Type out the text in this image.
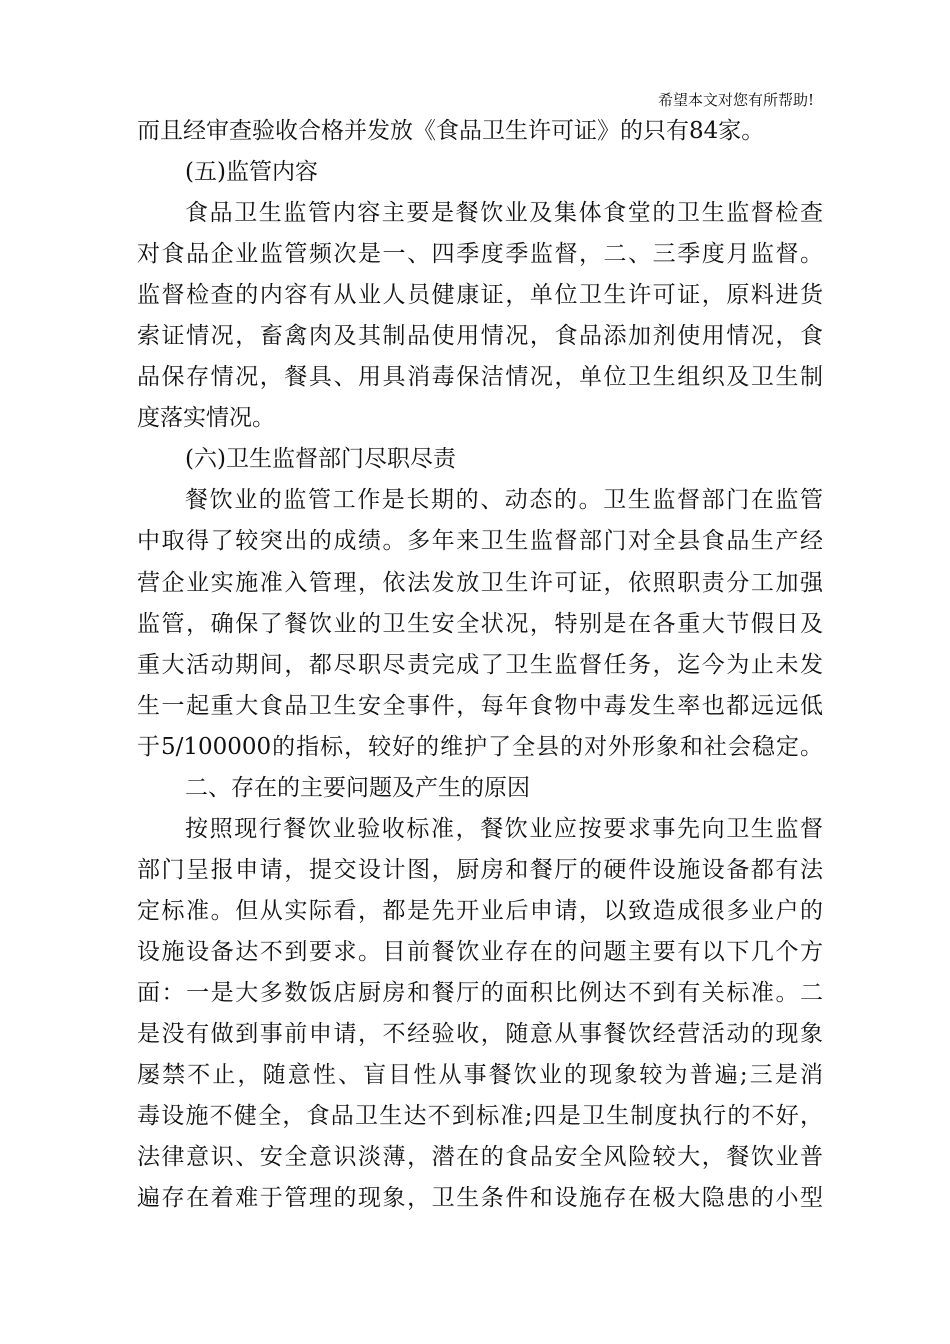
希望本文对您有所帮助!
而且经审查验收合格并发放《食品卫生许可证》的只有84家。
(五)监管内容
食品卫生监管内容主要是餐饮业及集体食堂的卫生监督检查
对食品企业监管频次是一、四季度季监督，二、三季度月监督。
监督检查的内容有从业人员健康证，单位卫生许可证，原料进货
索证情况，畜禽肉及其制品使用情况，食品添加剂使用情况，食
品保存情况，餐具、用具消毒保洁情况，单位卫生组织及卫生制
度落实情况。
(六)卫生监督部门尽职尽责
餐饮业的监管工作是长期的、动态的。卫生监督部门在监管
中取得了较突出的成绩。多年来卫生监督部门对全县食品生产经
营企业实施准入管理，依法发放卫生许可证，依照职责分工加强
监管，确保了餐饮业的卫生安全状况，特别是在各重大节假日及
重大活动期间，都尽职尽责完成了卫生监督任务，迄今为止未发
生一起重大食品卫生安全事件，每年食物中毒发生率也都远远低
于5/100000的指标，较好的维护了全县的对外形象和社会稳定。
二、存在的主要问题及产生的原因
按照现行餐饮业验收标准，餐饮业应按要求事先向卫生监督
部门呈报申请，提交设计图，厨房和餐厅的硬件设施设备都有法
定标准。但从实际看，都是先开业后申请，以致造成很多业户的
设施设备达不到要求。目前餐饮业存在的问题主要有以下几个方
面：一是大多数饭店厨房和餐厅的面积比例达不到有关标准。二
是没有做到事前申请，不经验收，随意从事餐饮经营活动的现象
屡禁不止，随意性、盲目性从事餐饮业的现象较为普遍;三是消
毒设施不健全，食品卫生达不到标准;四是卫生制度执行的不好，
法律意识、安全意识淡薄，潜在的食品安全风险较大，餐饮业普
遍存在着难于管理的现象，卫生条件和设施存在极大隐患的小型
